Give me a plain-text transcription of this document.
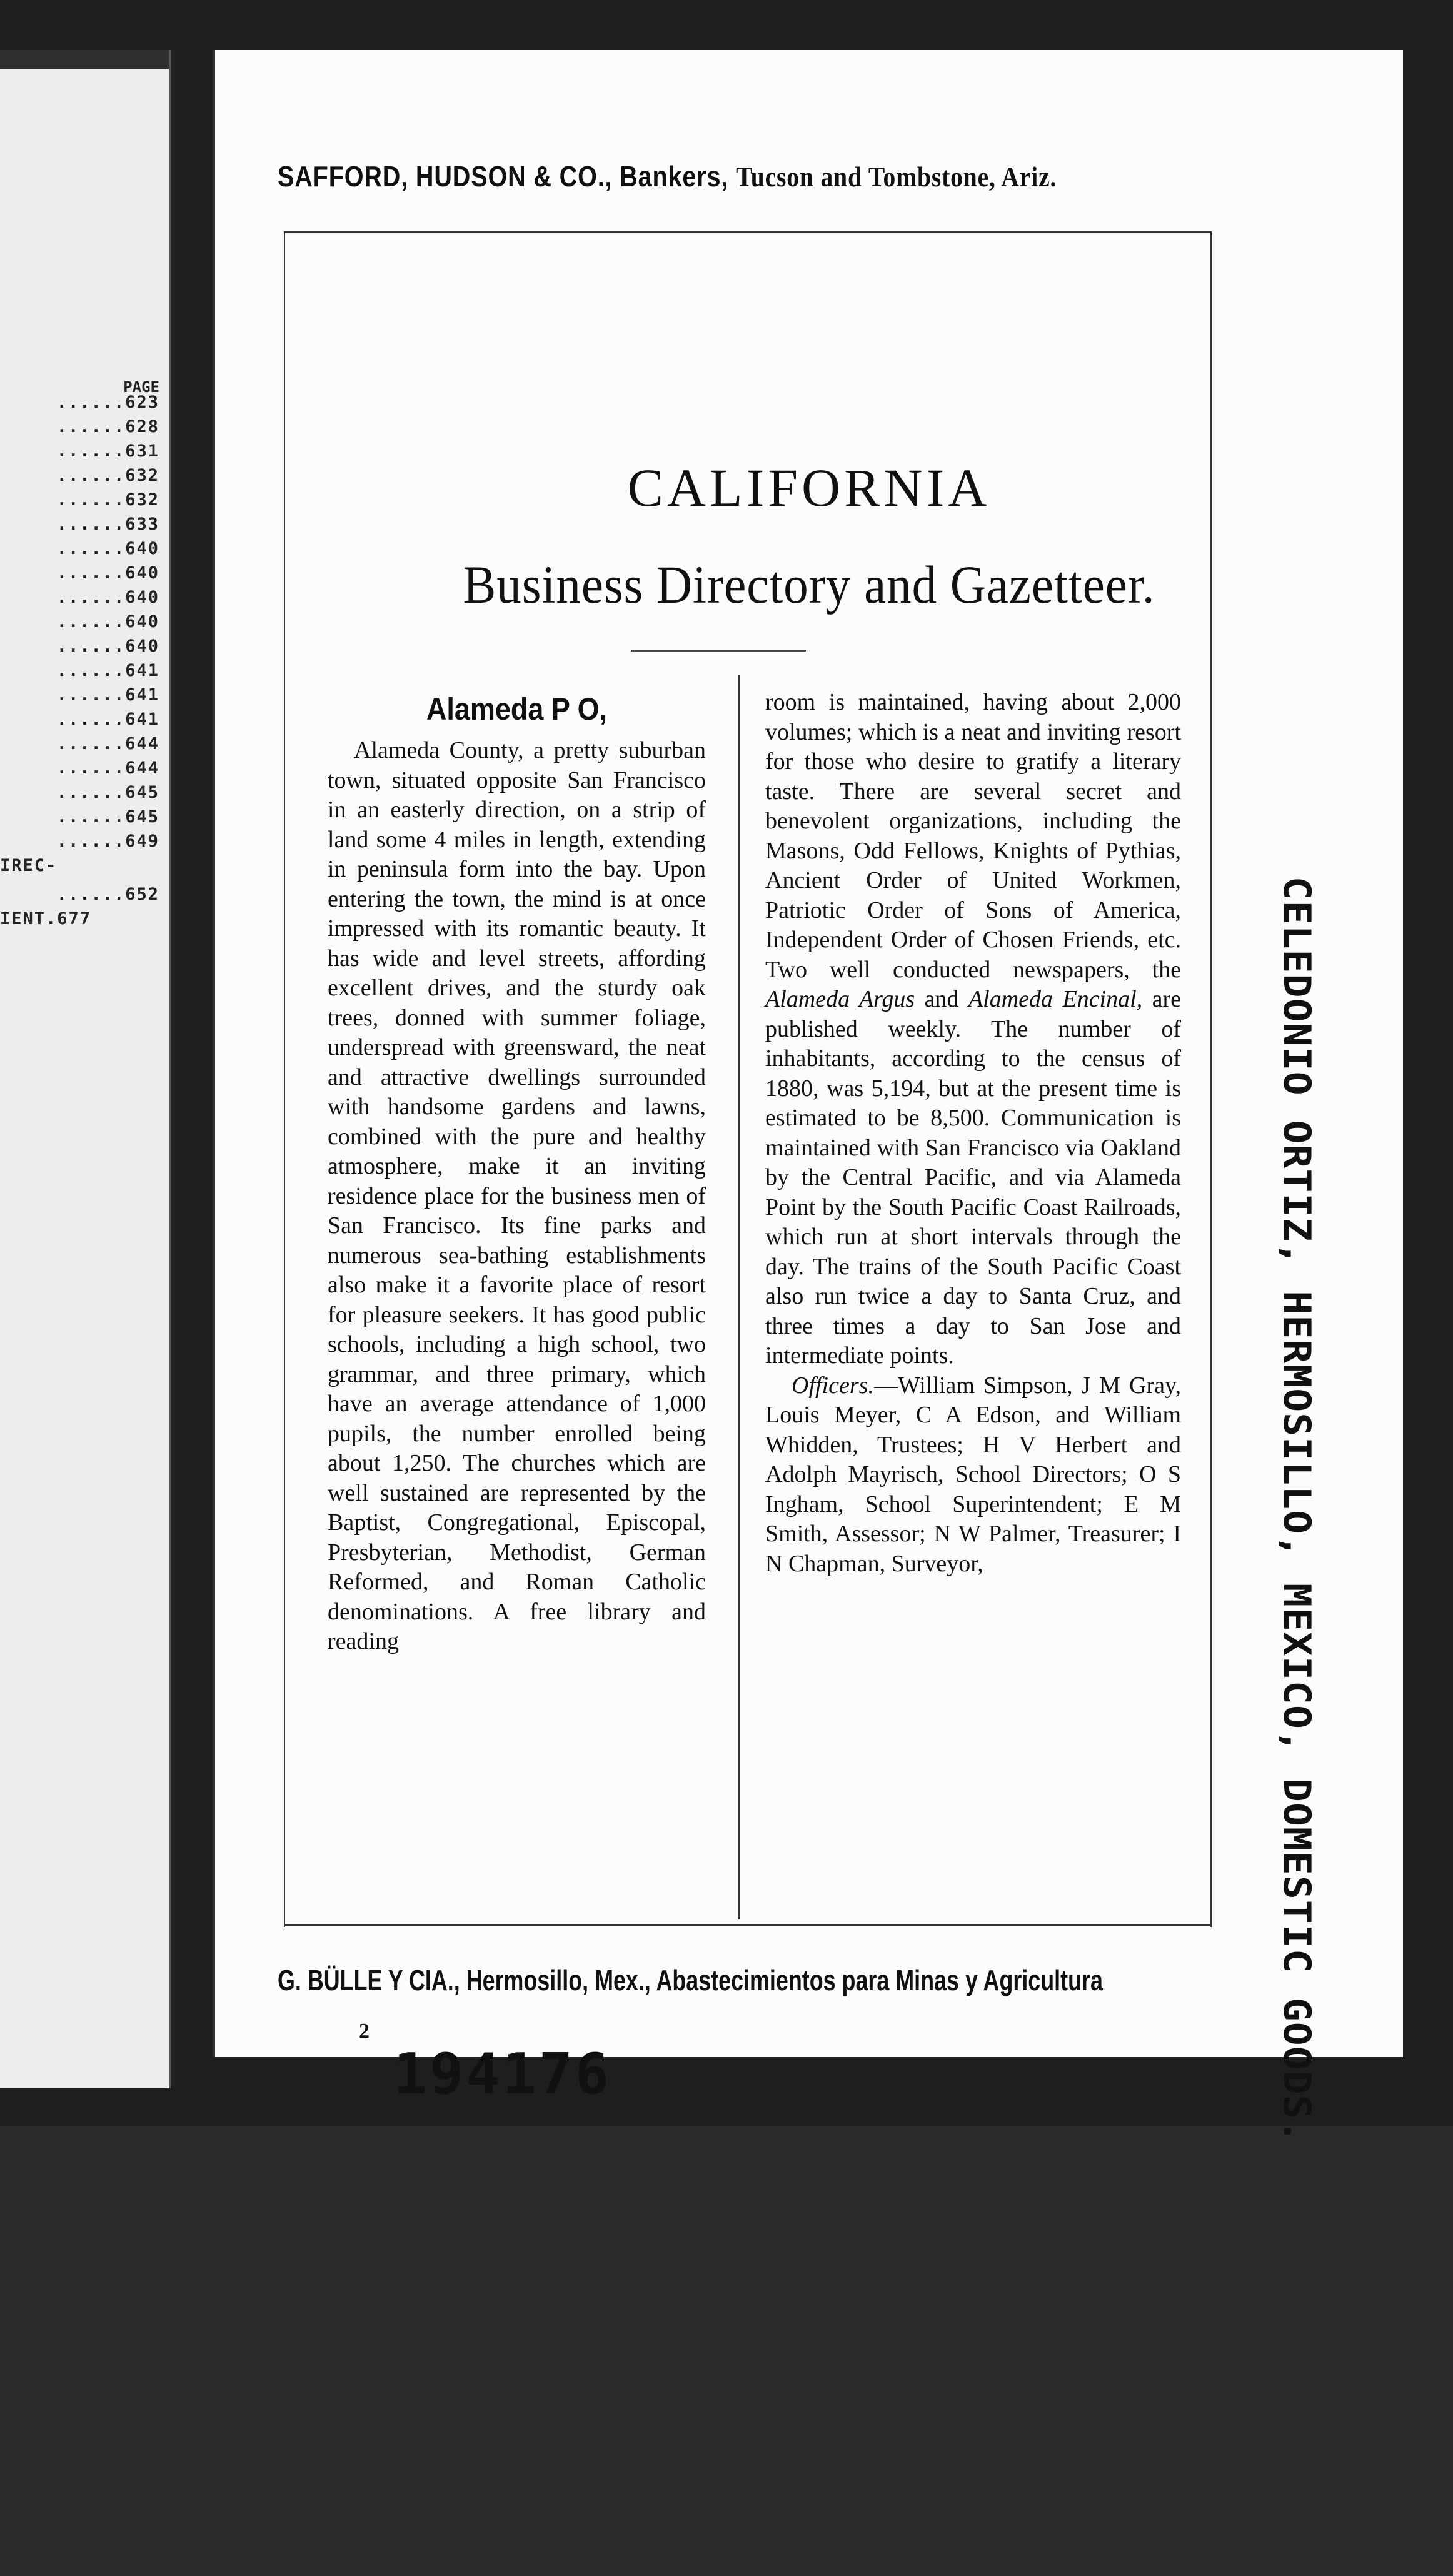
PAGE
......623
......628
......631
......632
......632
......633
......640
......640
......640
......640
......640
......641
......641
......641
......644
......644
......645
......645
......649
IREC-
......652
IENT.677
SAFFORD, HUDSON & CO., Bankers, Tucson and Tombstone, Ariz.
CALIFORNIA
Business Directory and Gazetteer.
Alameda P O,

Alameda County, a pretty suburban town, situated opposite San Francisco in an easterly direction, on a strip of land some 4 miles in length, extending in peninsula form into the bay. Upon entering the town, the mind is at once impressed with its romantic beauty. It has wide and level streets, affording excellent drives, and the sturdy oak trees, donned with summer foliage, underspread with greensward, the neat and attractive dwellings surrounded with handsome gardens and lawns, combined with the pure and healthy atmosphere, make it an inviting residence place for the business men of San Francisco. Its fine parks and numerous sea-bathing establishments also make it a favorite place of resort for pleasure seekers. It has good public schools, including a high school, two grammar, and three primary, which have an average attendance of 1,000 pupils, the number enrolled being about 1,250. The churches which are well sustained are represented by the Baptist, Congregational, Episcopal, Presbyterian, Methodist, German Reformed, and Roman Catholic denominations. A free library and reading

room is maintained, having about 2,000 volumes; which is a neat and inviting resort for those who desire to gratify a literary taste. There are several secret and benevolent organizations, including the Masons, Odd Fellows, Knights of Pythias, Ancient Order of United Workmen, Patriotic Order of Sons of America, Independent Order of Chosen Friends, etc. Two well conducted newspapers, the Alameda Argus and Alameda Encinal, are published weekly. The number of inhabitants, according to the census of 1880, was 5,194, but at the present time is estimated to be 8,500. Communication is maintained with San Francisco via Oakland by the Central Pacific, and via Alameda Point by the South Pacific Coast Railroads, which run at short intervals through the day. The trains of the South Pacific Coast also run twice a day to Santa Cruz, and three times a day to San Jose and intermediate points.

Officers.—William Simpson, J M Gray, Louis Meyer, C A Edson, and William Whidden, Trustees; H V Herbert and Adolph Mayrisch, School Directors; O S Ingham, School Superintendent; E M Smith, Assessor; N W Palmer, Treasurer; I N Chapman, Surveyor,	CELEDONIO ORTIZ, HERMOSILLO, MEXICO, DOMESTIC GOODS.
G. BÜLLE Y CIA., Hermosillo, Mex., Abastecimientos para Minas y Agricultura
2
194176
